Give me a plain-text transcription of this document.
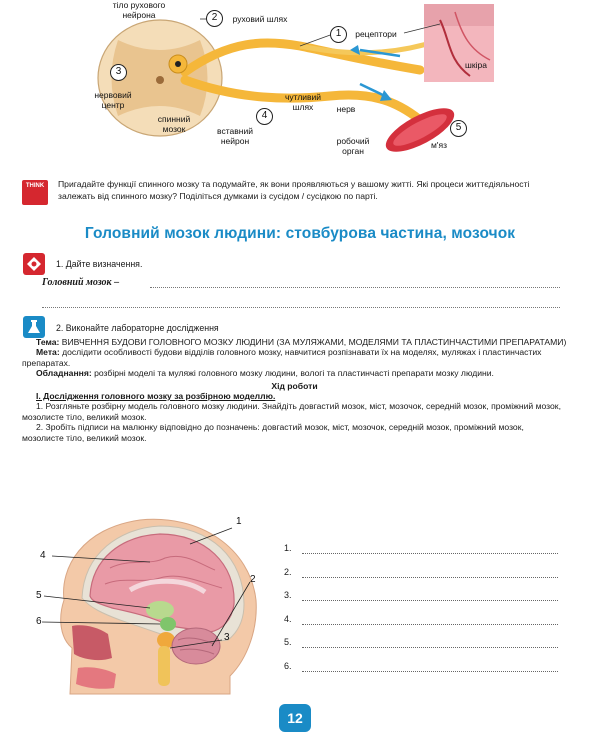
тіло рухового нейрона	2	руховий шлях
1	рецептори
шкіра
3
нервовий центр
спинний мозок
4
вставний нейрон
чутливий шлях	нерв
робочий орган
5
м'яз
THINK	Пригадайте функції спинного мозку та подумайте, як вони проявляються у вашому житті. Які процеси життєдіяльності залежать від спинного мозку? Поділіться думками із сусідом / сусідкою по парті.
Головний мозок людини: стовбурова частина, мозочок
1. Дайте визначення.
Головний мозок –
2. Виконайте лабораторне дослідження

Тема: ВИВЧЕННЯ БУДОВИ ГОЛОВНОГО МОЗКУ ЛЮДИНИ (ЗА МУЛЯЖАМИ, МОДЕЛЯМИ ТА ПЛАСТИНЧАСТИМИ ПРЕПАРАТАМИ)

Мета: дослідити особливості будови відділів головного мозку, навчитися розпізнавати їх на моделях, муляжах і пластинчастих препаратах.

Обладнання: розбірні моделі та муляжі головного мозку людини, вологі та пластинчасті препарати мозку людини.

Хід роботи

І. Дослідження головного мозку за розбірною моделлю.

1. Розгляньте розбірну модель головного мозку людини. Знайдіть довгастий мозок, міст, мозочок, середній мозок, проміжний мозок, мозолисте тіло, великий мозок.

2. Зробіть підписи на малюнку відповідно до позначень: довгастий мозок, міст, мозочок, середній мозок, проміжний мозок, мозолисте тіло, великий мозок.

1
4
2
5
6
3
1.
2.
3.
4.
5.
6.
12
